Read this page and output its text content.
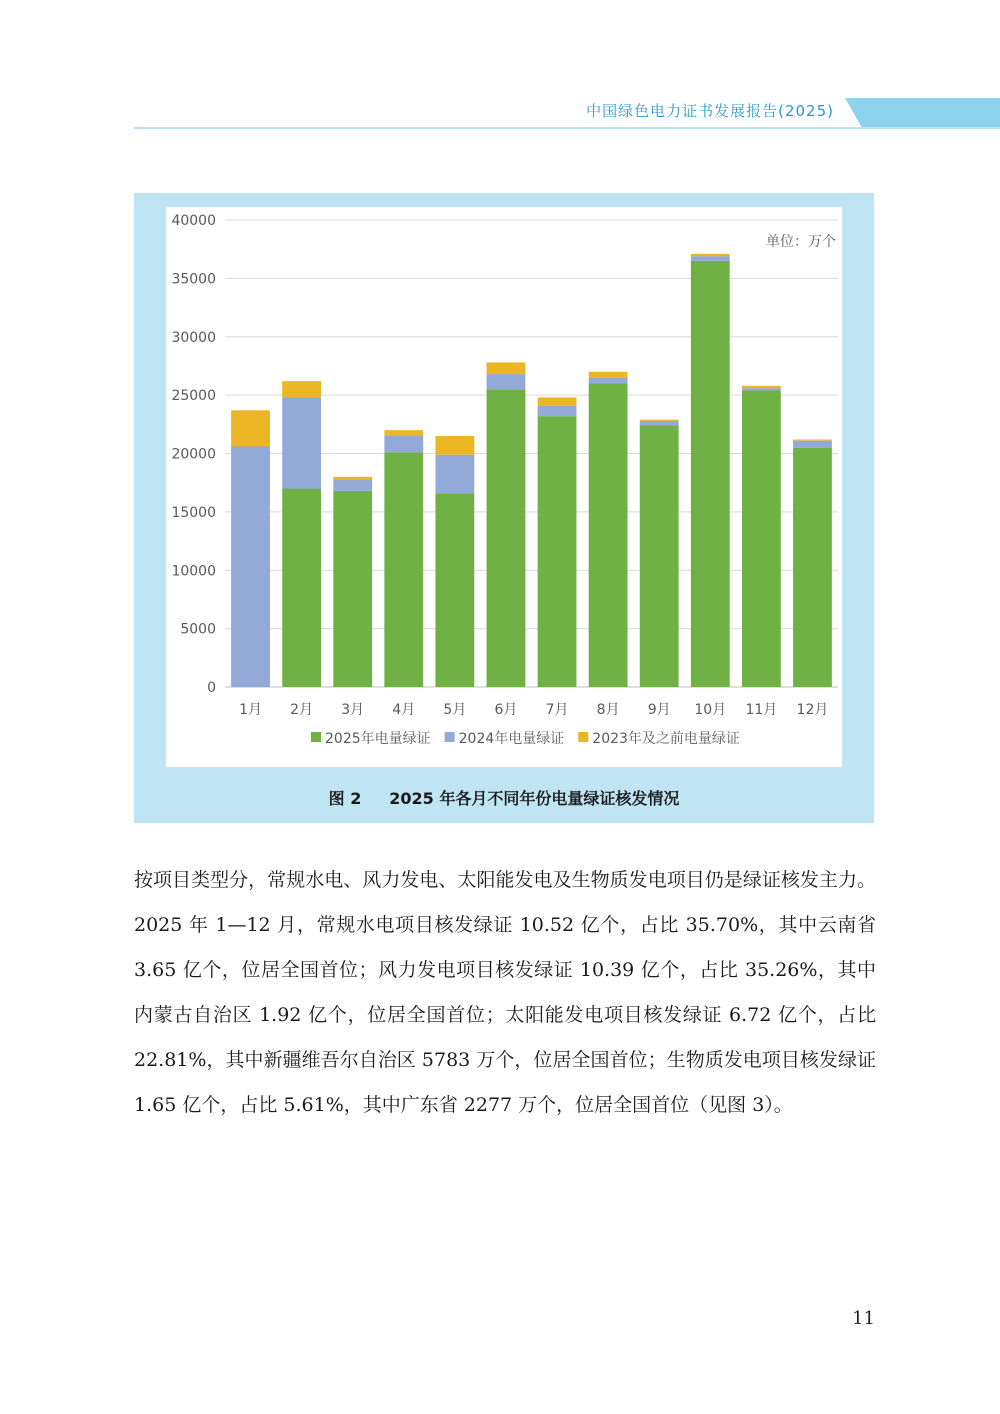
中国绿色电力证书发展报告(2025)
0
5000
10000
15000
20000
25000
30000
35000
40000
1月 2月 3月 4月 5月 6月 7月 8月 9月 10月 11月 12月
单位：万个
2025年电量绿证 2024年电量绿证 2023年及之前电量绿证
图 2     2025 年各月不同年份电量绿证核发情况

按项目类型分，常规水电、风力发电、太阳能发电及生物质发电项目仍是绿证核发主力。2025 年 1—12 月，常规水电项目核发绿证 10.52 亿个，占比 35.70%，其中云南省 3.65 亿个，位居全国首位；风力发电项目核发绿证 10.39 亿个，占比 35.26%，其中内蒙古自治区 1.92 亿个，位居全国首位；太阳能发电项目核发绿证 6.72 亿个，占比 22.81%，其中新疆维吾尔自治区 5783 万个，位居全国首位；生物质发电项目核发绿证 1.65 亿个，占比 5.61%，其中广东省 2277 万个，位居全国首位（见图 3）。

11
